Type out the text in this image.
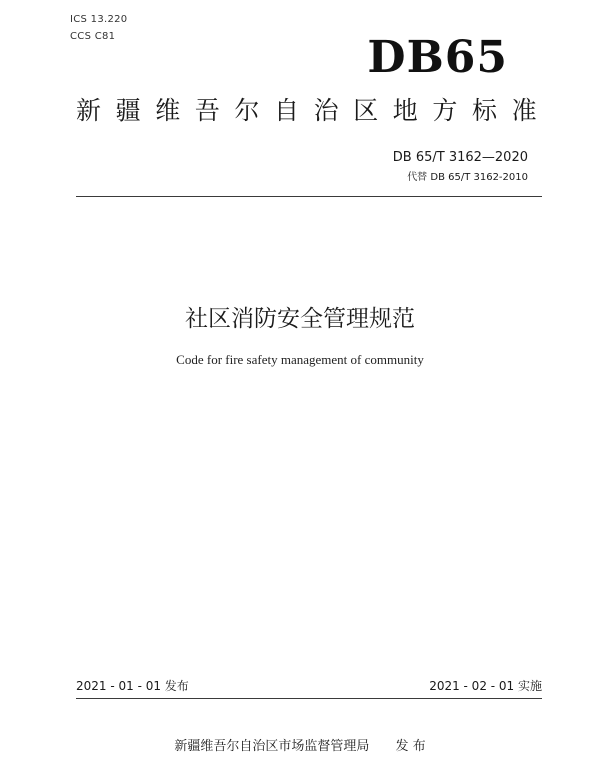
ICS 13.220
CCS C81	DB65
新疆维吾尔自治区地方标准
DB 65/T 3162—2020
代替 DB 65/T 3162-2010
社区消防安全管理规范
Code for fire safety management of community
2021 - 01 - 01 发布	2021 - 02 - 01 实施
新疆维吾尔自治区市场监督管理局 发 布
